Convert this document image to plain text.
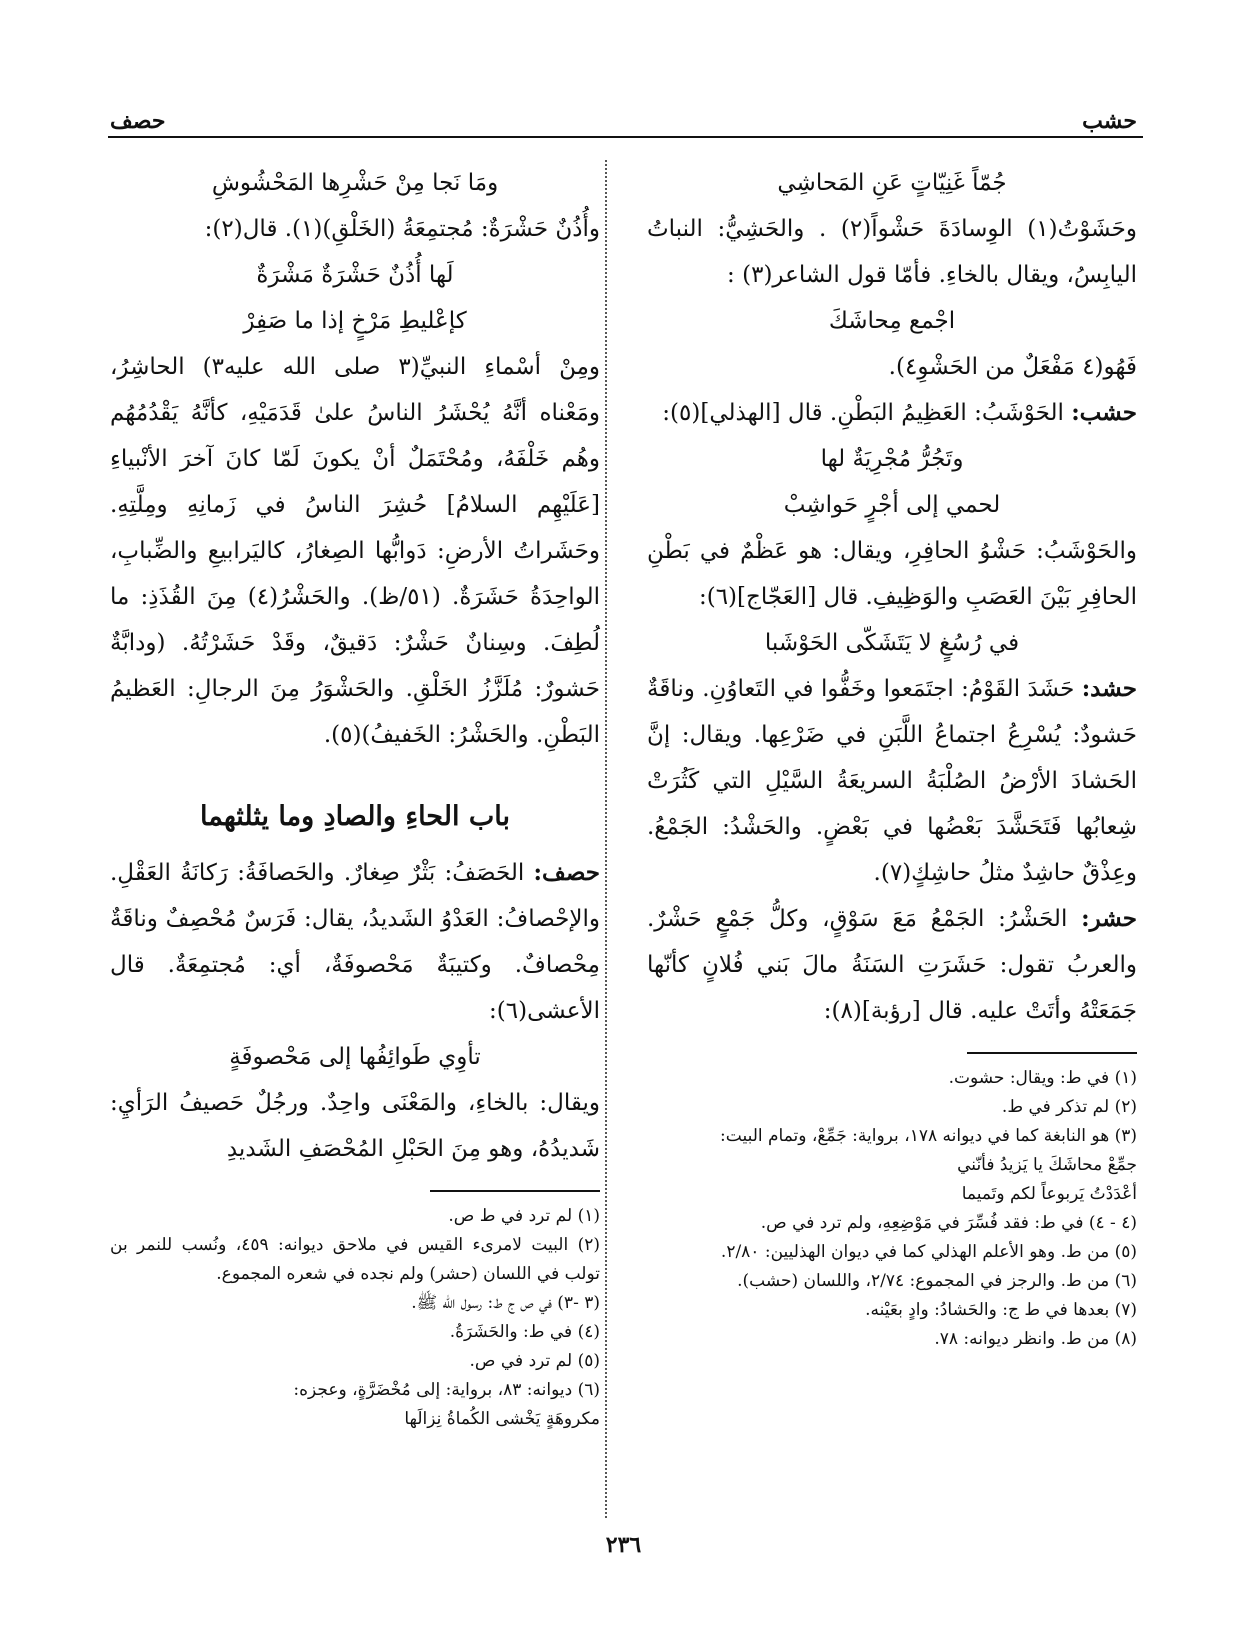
حشب
حصف

جُمّاً غَنِيّاتٍ عَنِ المَحاشِي

وحَشَوْتُ(١) الوِسادَةَ حَشْواً(٢) . والحَشِيُّ: النباتُ اليابِسُ، ويقال بالخاءِ. فأمّا قول الشاعر(٣) :

اجْمع مِحاشَكَ

فَهُو(٤ مَفْعَلٌ من الحَشْوِ٤).

حشب: الحَوْشَبُ: العَظِيمُ البَطْنِ. قال [الهذلي](٥):

وتَجُرُّ مُجْرِيَةٌ لها

لحمي إلى أجْرٍ حَواشِبْ

والحَوْشَبُ: حَشْوُ الحافِرِ، ويقال: هو عَظْمٌ في بَطْنِ الحافِرِ بَيْنَ العَصَبِ والوَظِيفِ. قال [العَجّاج](٦):

في رُسُغٍ لا يَتَشَكّى الحَوْشَبا

حشد: حَشَدَ القَوْمُ: اجتَمَعوا وخَفُّوا في التَعاوُنِ. وناقَةٌ حَشودٌ: يُسْرِعُ اجتماعُ اللَّبَنِ في ضَرْعِها. ويقال: إنَّ الحَشادَ الأرْضُ الصُلْبَةُ السريعَةُ السَّيْلِ التي كَثُرَتْ شِعابُها فَتَحَشَّدَ بَعْضُها في بَعْضٍ. والحَشْدُ: الجَمْعُ. وعِذْقٌ حاشِدٌ مثلُ حاشِكٍ(٧).

حشر: الحَشْرُ: الجَمْعُ مَعَ سَوْقٍ، وكلُّ جَمْعٍ حَشْرٌ. والعربُ تقول: حَشَرَتِ السَنَةُ مالَ بَني فُلانٍ كأنّها جَمَعَتْهُ وأتَتْ عليه. قال [رؤبة](٨):

(١) في ط: ويقال: حشوت.

(٢) لم تذكر في ط.

(٣) هو النابغة كما في ديوانه ١٧٨، برواية: جَمِّعْ، وتمام البيت:

جمِّعْ محاشَكَ يا يَزيدُ فأنّني

أعْدَدْتُ يَربوعاً لكم وتَميما

(٤ - ٤) في ط: فقد فُسِّرَ في مَوْضِعِهِ، ولم ترد في ص.

(٥) من ط. وهو الأعلم الهذلي كما في ديوان الهذليين: ٢/٨٠.

(٦) من ط. والرجز في المجموع: ٢/٧٤، واللسان (حشب).

(٧) بعدها في ط ج: والحَشادُ: وادٍ بعَيْنه.

(٨) من ط. وانظر ديوانه: ٧٨.

ومَا نَجا مِنْ حَشْرِها المَحْشُوشِ

وأُذُنٌ حَشْرَةٌ: مُجتمِعَةُ (الخَلْقِ)(١). قال(٢):

لَها أُذُنٌ حَشْرَةٌ مَشْرَةٌ

كإعْليطِ مَرْخٍ إذا ما صَفِرْ

ومِنْ أسْماءِ النبيِّ(٣ صلى الله عليه٣) الحاشِرُ، ومَعْناه أنَّهُ يُحْشَرُ الناسُ علىٰ قَدَمَيْهِ، كأنَّهُ يَقْدُمُهُم وهُم خَلْفَهُ، ومُحْتَمَلٌ أنْ يكونَ لَمّا كانَ آخرَ الأنْبياءِ [عَلَيْهِم السلامُ] حُشِرَ الناسُ في زَمانِهِ ومِلَّتِهِ. وحَشَراتُ الأرضِ: دَوابُّها الصِغارُ، كاليَرابيعِ والضِّبابِ، الواحِدَةُ حَشَرَةٌ. (٥١/ظ). والحَشْرُ(٤) مِنَ القُذَذِ: ما لُطِفَ. وسِنانٌ حَشْرٌ: دَقيقٌ، وقَدْ حَشَرْتُهُ. (ودابَّةٌ حَشورٌ: مُلَزَّزُ الخَلْقِ. والحَشْوَرُ مِنَ الرجالِ: العَظيمُ البَطْنِ. والحَشْرُ: الخَفيفُ)(٥).

باب الحاءِ والصادِ وما يثلثهما

حصف: الحَصَفُ: بَثْرٌ صِغارٌ. والحَصافَةُ: رَكانَةُ العَقْلِ. والإحْصافُ: العَدْوُ الشَديدُ، يقال: فَرَسٌ مُحْصِفٌ وناقَةٌ مِحْصافٌ. وكتيبَةٌ مَحْصوفَةٌ، أي: مُجتمِعَةٌ. قال الأعشى(٦):

تأوِي طَوائِفُها إلى مَحْصوفَةٍ

ويقال: بالخاءِ، والمَعْنَى واحِدٌ. ورجُلٌ حَصيفُ الرَأيِ: شَديدُهُ، وهو مِنَ الحَبْلِ المُحْصَفِ الشَديدِ

(١) لم ترد في ط ص.

(٢) البيت لامرىء القيس في ملاحق ديوانه: ٤٥٩، ونُسب للنمر بن تولب في اللسان (حشر) ولم نجده في شعره المجموع.

(٣ -٣) في ص ج ط: رسول الله ﷺ.

(٤) في ط: والحَشَرَةُ.

(٥) لم ترد في ص.

(٦) ديوانه: ٨٣، برواية: إلى مُخْضَرَّةٍ، وعجزه:

مكروهَةٍ يَخْشى الكُماةُ نِزالَها

٢٣٦
